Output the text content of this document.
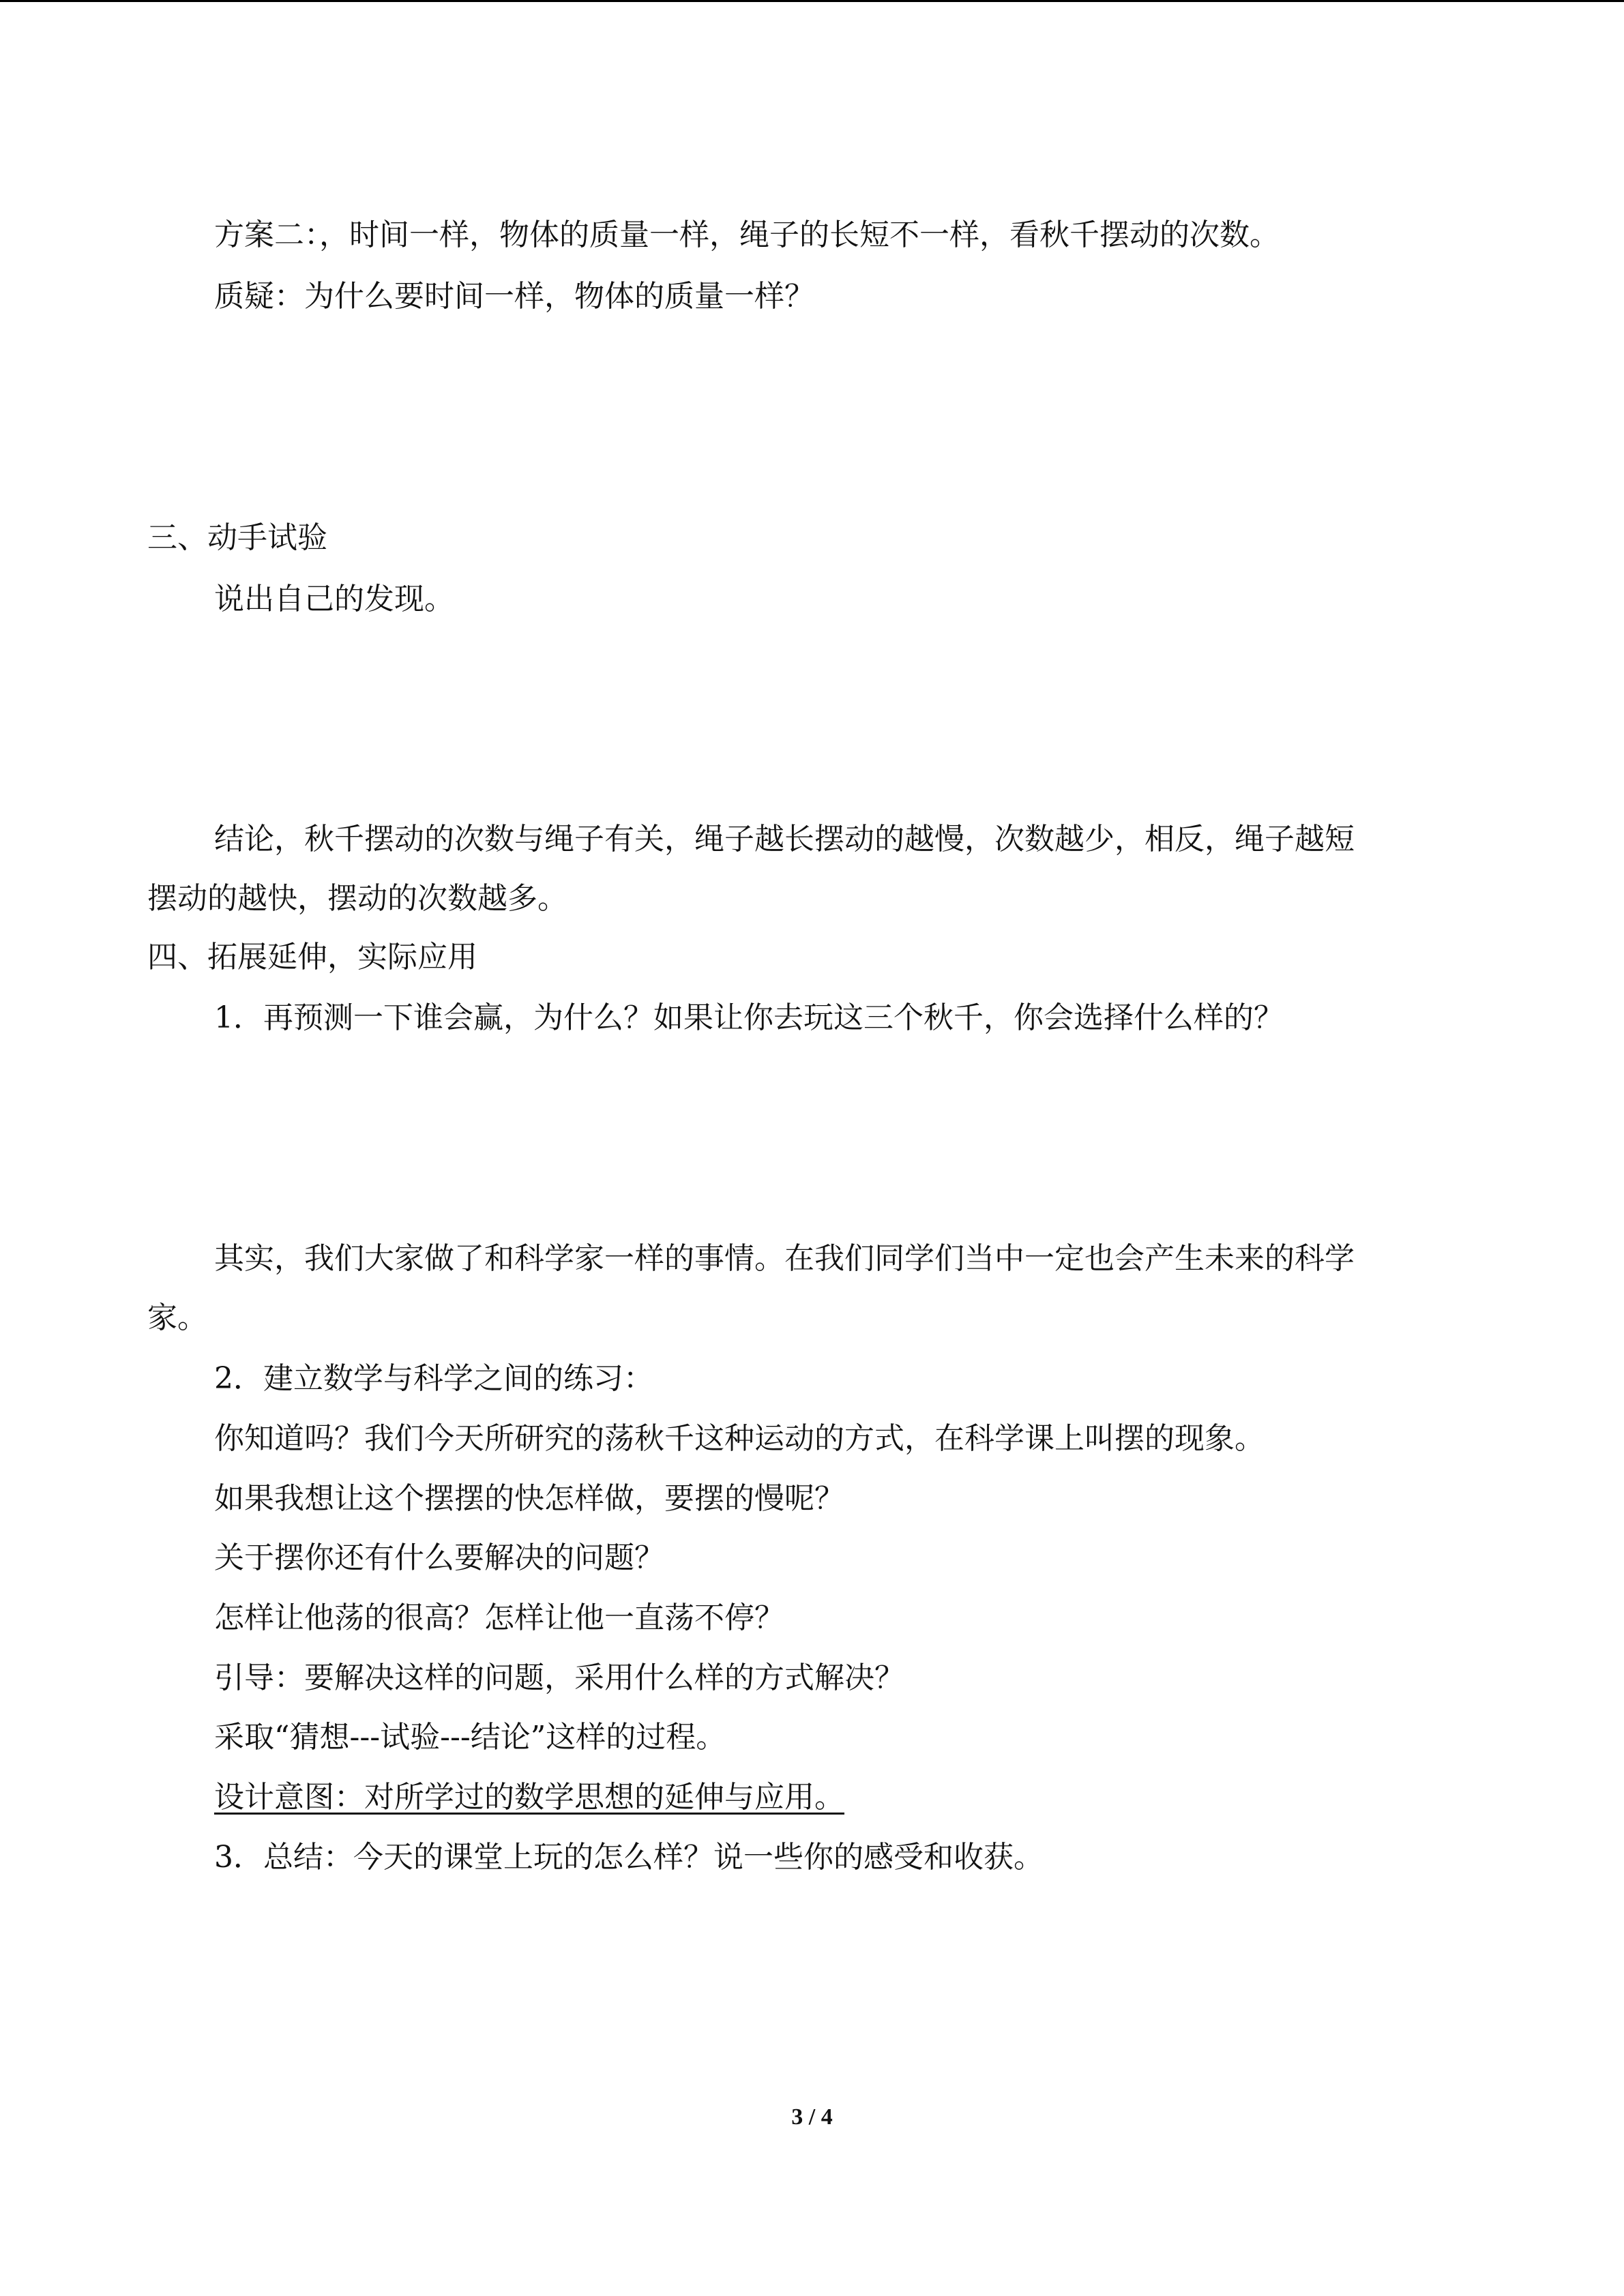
方案二：，时间一样，物体的质量一样，绳子的长短不一样，看秋千摆动的次数。
质疑：为什么要时间一样，物体的质量一样？
三、动手试验
说出自己的发现。
结论，秋千摆动的次数与绳子有关，绳子越长摆动的越慢，次数越少，相反，绳子越短
摆动的越快，摆动的次数越多。
四、拓展延伸，实际应用
1．再预测一下谁会赢，为什么？如果让你去玩这三个秋千，你会选择什么样的？
其实，我们大家做了和科学家一样的事情。在我们同学们当中一定也会产生未来的科学
家。
2．建立数学与科学之间的练习：
你知道吗？我们今天所研究的荡秋千这种运动的方式，在科学课上叫摆的现象。
如果我想让这个摆摆的快怎样做，要摆的慢呢？
关于摆你还有什么要解决的问题？
怎样让他荡的很高？怎样让他一直荡不停？
引导：要解决这样的问题，采用什么样的方式解决？
采取“猜想---试验---结论”这样的过程。
设计意图：对所学过的数学思想的延伸与应用。
3．总结：今天的课堂上玩的怎么样？说一些你的感受和收获。
3 / 4
